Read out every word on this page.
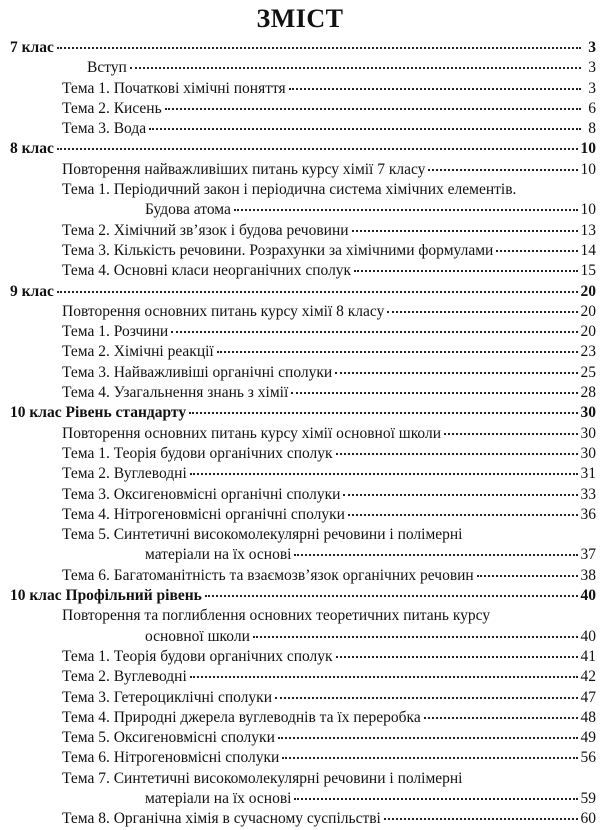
ЗМІСТ
7 клас	3
Вступ	3
Тема 1. Початкові хімічні поняття	3
Тема 2. Кисень	6
Тема 3. Вода	8
8 клас	10
Повторення найважливіших питань курсу хімії 7 класу	10
Тема 1. Періодичний закон і періодична система хімічних елементів.
Будова атома	10
Тема 2. Хімічний зв’язок і будова речовини	13
Тема 3. Кількість речовини. Розрахунки за хімічними формулами	14
Тема 4. Основні класи неорганічних сполук	15
9 клас	20
Повторення основних питань курсу хімії 8 класу	20
Тема 1. Розчини	20
Тема 2. Хімічні реакції	23
Тема 3. Найважливіші органічні сполуки	25
Тема 4. Узагальнення знань з хімії	28
10 клас Рівень стандарту	30
Повторення основних питань курсу хімії основної школи	30
Тема 1. Теорія будови органічних сполук	30
Тема 2. Вуглеводні	31
Тема 3. Оксигеновмісні органічні сполуки	33
Тема 4. Нітрогеновмісні органічні сполуки	36
Тема 5. Синтетичні високомолекулярні речовини і полімерні
матеріали на їх основі	37
Тема 6. Багатоманітність та взаємозв’язок органічних речовин	38
10 клас Профільний рівень	40
Повторення та поглиблення основних теоретичних питань курсу
основної школи	40
Тема 1. Теорія будови органічних сполук	41
Тема 2. Вуглеводні	42
Тема 3. Гетероциклічні сполуки	47
Тема 4. Природні джерела вуглеводнів та їх переробка	48
Тема 5. Оксигеновмісні сполуки	49
Тема 6. Нітрогеновмісні сполуки	56
Тема 7. Синтетичні високомолекулярні речовини і полімерні
матеріали на їх основі	59
Тема 8. Органічна хімія в сучасному суспільстві	60
